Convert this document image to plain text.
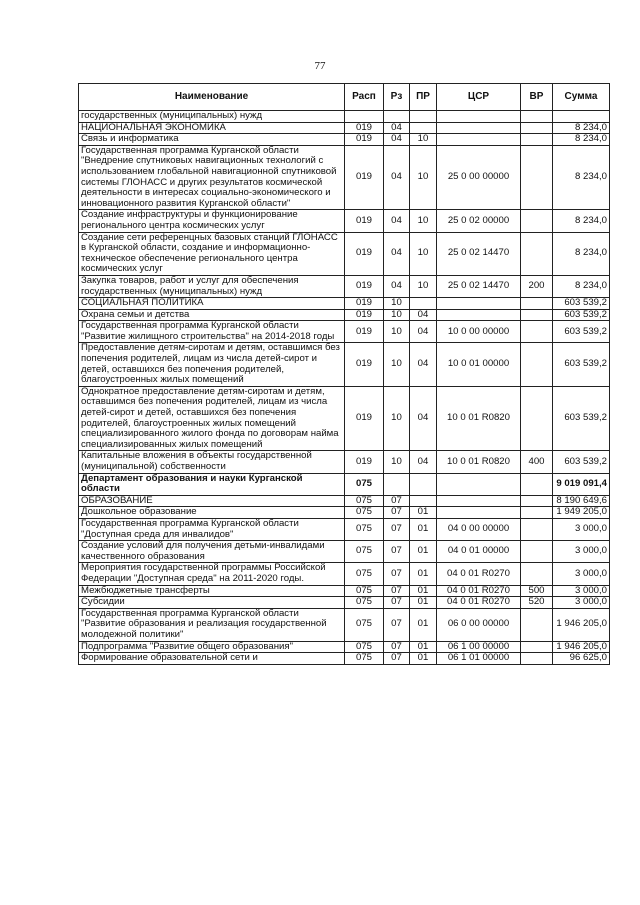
77
Наименование	Расп	Рз	ПР	ЦСР	ВР	Сумма
государственных (муниципальных) нужд						
НАЦИОНАЛЬНАЯ ЭКОНОМИКА	019	04				8 234,0
Связь и информатика	019	04	10			8 234,0
Государственная программа Курганской области "Внедрение спутниковых навигационных технологий с использованием глобальной навигационной спутниковой системы ГЛОНАСС и других результатов космической деятельности в интересах социально-экономического и инновационного развития Курганской области"	019	04	10	25 0 00 00000		8 234,0
Создание инфраструктуры и функционирование регионального центра космических услуг	019	04	10	25 0 02 00000		8 234,0
Создание сети референцных базовых станций ГЛОНАСС в Курганской области, создание и информационно-техническое обеспечение регионального центра космических услуг	019	04	10	25 0 02 14470		8 234,0
Закупка товаров, работ и услуг для обеспечения государственных (муниципальных) нужд	019	04	10	25 0 02 14470	200	8 234,0
СОЦИАЛЬНАЯ ПОЛИТИКА	019	10				603 539,2
Охрана семьи и детства	019	10	04			603 539,2
Государственная программа Курганской области "Развитие жилищного строительства" на 2014-2018 годы	019	10	04	10 0 00 00000		603 539,2
Предоставление детям-сиротам и детям, оставшимся без попечения родителей, лицам из числа детей-сирот и детей, оставшихся без попечения родителей, благоустроенных жилых помещений	019	10	04	10 0 01 00000		603 539,2
Однократное предоставление детям-сиротам и детям, оставшимся без попечения родителей, лицам из числа детей-сирот и детей, оставшихся без попечения родителей, благоустроенных жилых помещений специализированного жилого фонда по договорам найма специализированных жилых помещений	019	10	04	10 0 01 R0820		603 539,2
Капитальные вложения в объекты государственной (муниципальной) собственности	019	10	04	10 0 01 R0820	400	603 539,2
Департамент образования и науки Курганской области	075					9 019 091,4
ОБРАЗОВАНИЕ	075	07				8 190 649,6
Дошкольное образование	075	07	01			1 949 205,0
Государственная программа Курганской области "Доступная среда для инвалидов"	075	07	01	04 0 00 00000		3 000,0
Создание условий для получения детьми-инвалидами качественного образования	075	07	01	04 0 01 00000		3 000,0
Мероприятия государственной программы Российской Федерации "Доступная среда" на 2011-2020 годы.	075	07	01	04 0 01 R0270		3 000,0
Межбюджетные трансферты	075	07	01	04 0 01 R0270	500	3 000,0
Субсидии	075	07	01	04 0 01 R0270	520	3 000,0
Государственная программа Курганской области "Развитие образования и реализация государственной молодежной политики"	075	07	01	06 0 00 00000		1 946 205,0
Подпрограмма "Развитие общего образования"	075	07	01	06 1 00 00000		1 946 205,0
Формирование образовательной сети и	075	07	01	06 1 01 00000		96 625,0
